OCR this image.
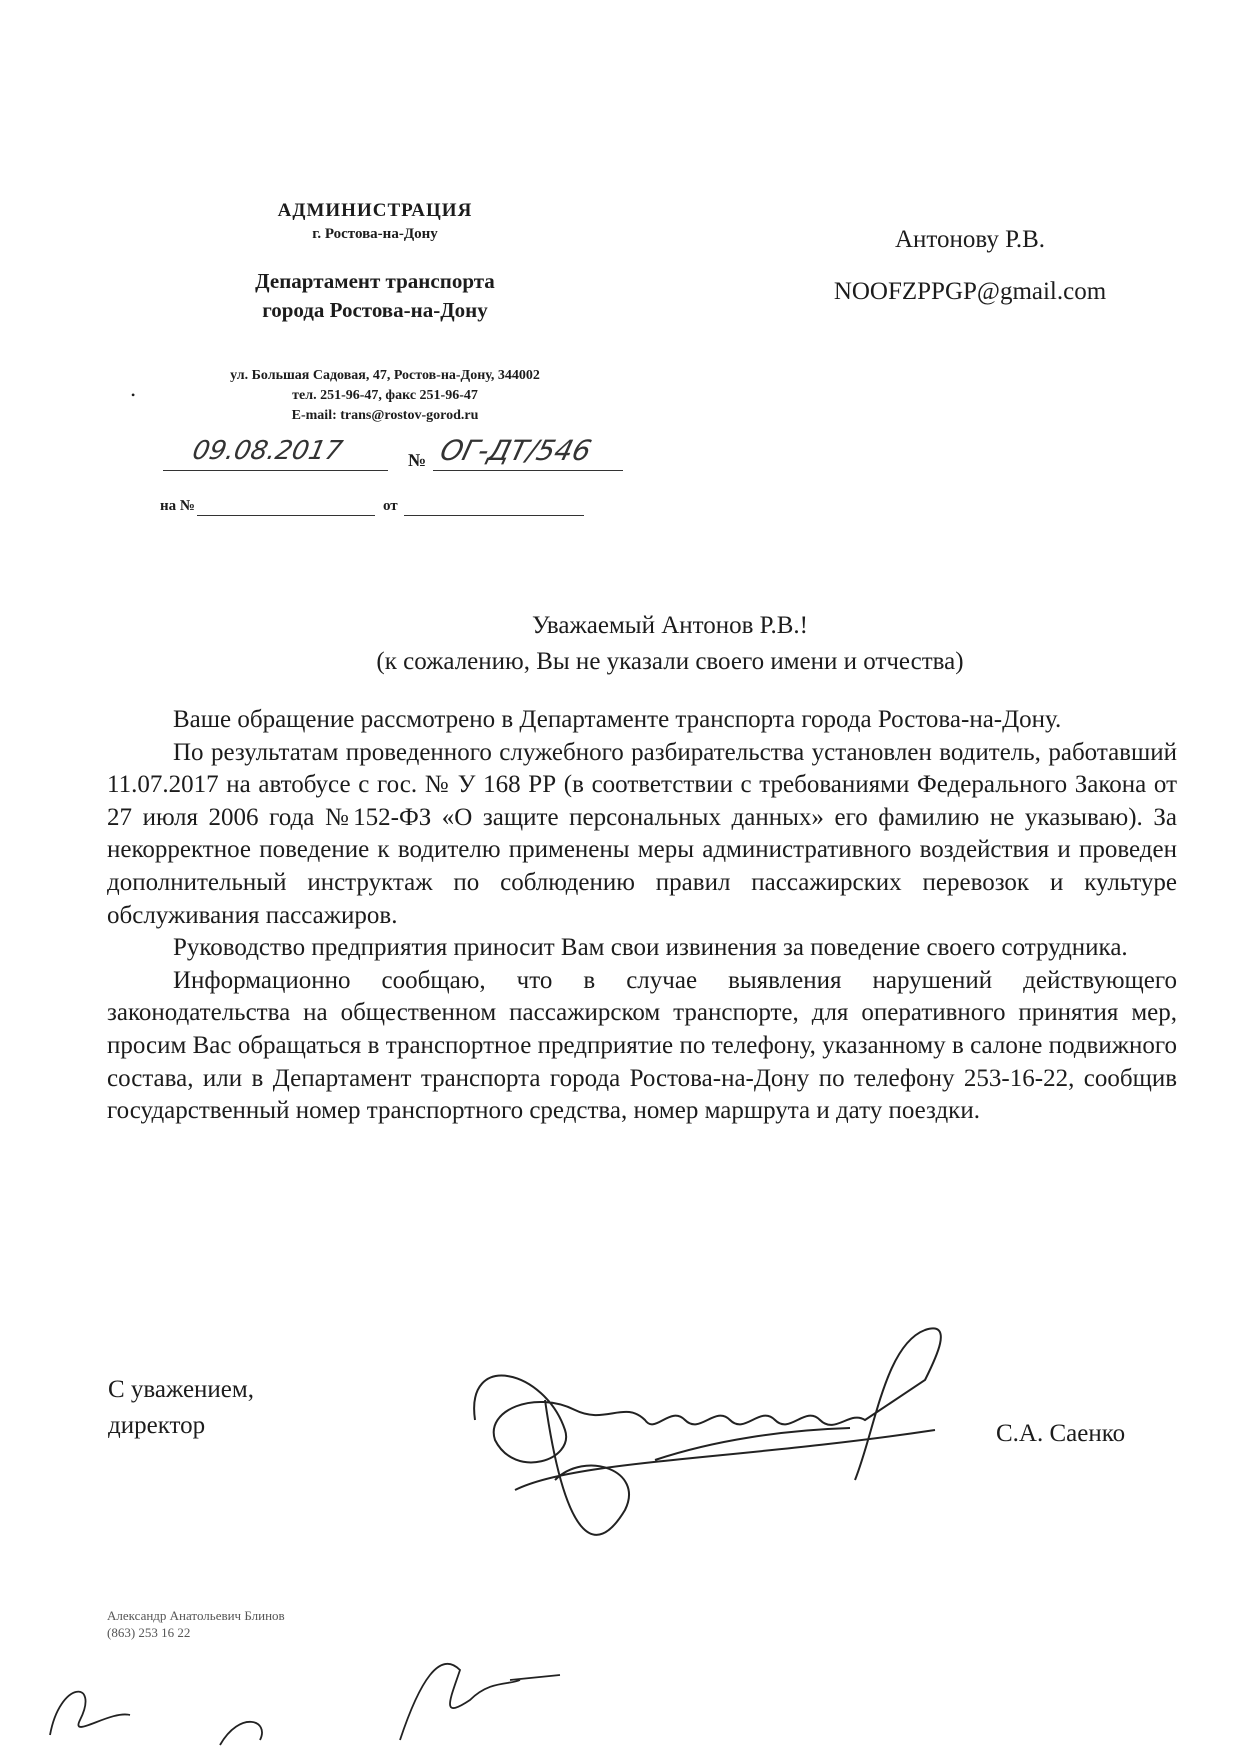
•
АДМИНИСТРАЦИЯ
г. Ростова-на-Дону
Департамент транспорта
города Ростова-на-Дону
ул. Большая Садовая, 47, Ростов-на-Дону, 344002
тел. 251-96-47, факс 251-96-47
E-mail: trans@rostov-gorod.ru
09.08.2017	№ ОГ-ДТ/546
на №	от
Антонову Р.В.
NOOFZPPGP@gmail.com
Уважаемый Антонов Р.В.!
(к сожалению, Вы не указали своего имени и отчества)

Ваше обращение рассмотрено в Департаменте транспорта города Ростова-на-Дону.

По результатам проведенного служебного разбирательства установлен водитель, работавший 11.07.2017 на автобусе с гос. № У 168 РР (в соответствии с требованиями Федерального Закона от 27 июля 2006 года №152-ФЗ «О защите персональных данных» его фамилию не указываю). За некорректное поведение к водителю применены меры административного воздействия и проведен дополнительный инструктаж по соблюдению правил пассажирских перевозок и культуре обслуживания пассажиров.

Руководство предприятия приносит Вам свои извинения за поведение своего сотрудника.

Информационно сообщаю, что в случае выявления нарушений действующего законодательства на общественном пассажирском транспорте, для оперативного принятия мер, просим Вас обращаться в транспортное предприятие по телефону, указанному в салоне подвижного состава, или в Департамент транспорта города Ростова-на-Дону по телефону 253-16-22, сообщив государственный номер транспортного средства, номер маршрута и дату поездки.

С уважением,
директор	С.А. Саенко
Александр Анатольевич Блинов
(863) 253 16 22
